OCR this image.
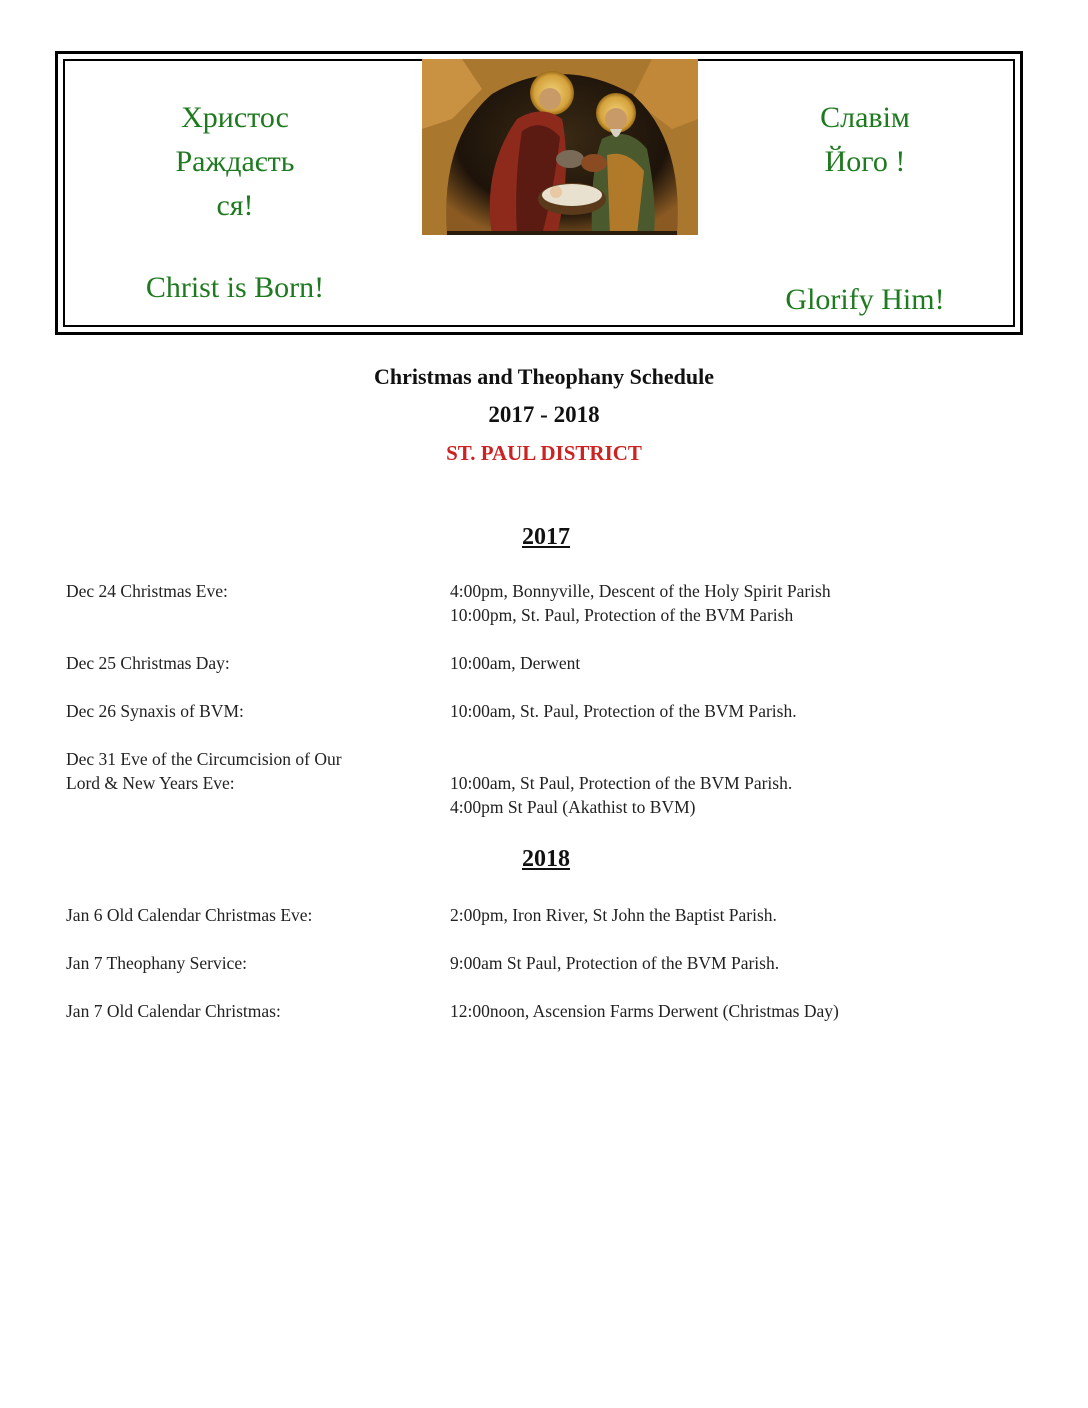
Христос
Раждаєть
ся!
Christ is Born!
Славім
Його !
Glorify Him!
Christmas and Theophany Schedule
2017 - 2018
ST. PAUL DISTRICT
2017
Dec 24 Christmas Eve:	4:00pm, Bonnyville, Descent of the Holy Spirit Parish
10:00pm, St. Paul, Protection of the BVM Parish
Dec 25 Christmas Day:	10:00am, Derwent
Dec 26 Synaxis of BVM:	10:00am, St. Paul, Protection of the BVM Parish.
Dec 31 Eve of the Circumcision of Our
Lord & New Years Eve:	10:00am, St Paul, Protection of the BVM Parish.
4:00pm St Paul (Akathist to BVM)
2018
Jan 6 Old Calendar Christmas Eve:	2:00pm, Iron River, St John the Baptist Parish.
Jan 7 Theophany Service:	9:00am St Paul, Protection of the BVM Parish.
Jan 7 Old Calendar Christmas:	12:00noon, Ascension Farms Derwent (Christmas Day)
